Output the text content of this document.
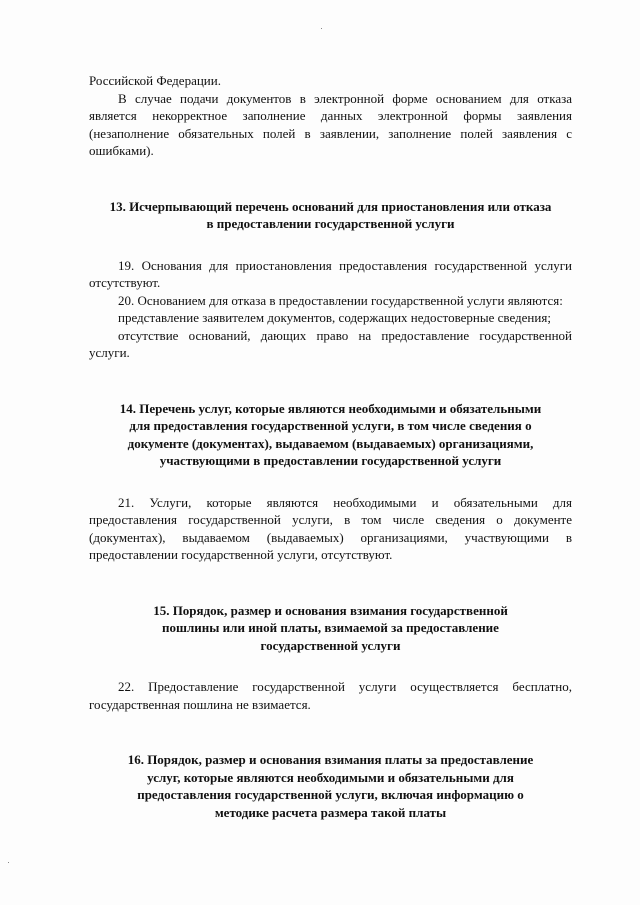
Российской Федерации.

В случае подачи документов в электронной форме основанием для отказа является некорректное заполнение данных электронной формы заявления (незаполнение обязательных полей в заявлении, заполнение полей заявления с ошибками).

13. Исчерпывающий перечень оснований для приостановления или отказа в предоставлении государственной услуги

19. Основания для приостановления предоставления государственной услуги отсутствуют.

20. Основанием для отказа в предоставлении государственной услуги являются:

представление заявителем документов, содержащих недостоверные сведения;

отсутствие оснований, дающих право на предоставление государственной услуги.

14. Перечень услуг, которые являются необходимыми и обязательными для предоставления государственной услуги, в том числе сведения о документе (документах), выдаваемом (выдаваемых) организациями, участвующими в предоставлении государственной услуги

21. Услуги, которые являются необходимыми и обязательными для предоставления государственной услуги, в том числе сведения о документе (документах), выдаваемом (выдаваемых) организациями, участвующими в предоставлении государственной услуги, отсутствуют.

15. Порядок, размер и основания взимания государственной пошлины или иной платы, взимаемой за предоставление государственной услуги

22. Предоставление государственной услуги осуществляется бесплатно, государственная пошлина не взимается.

16. Порядок, размер и основания взимания платы за предоставление услуг, которые являются необходимыми и обязательными для предоставления государственной услуги, включая информацию о методике расчета размера такой платы
